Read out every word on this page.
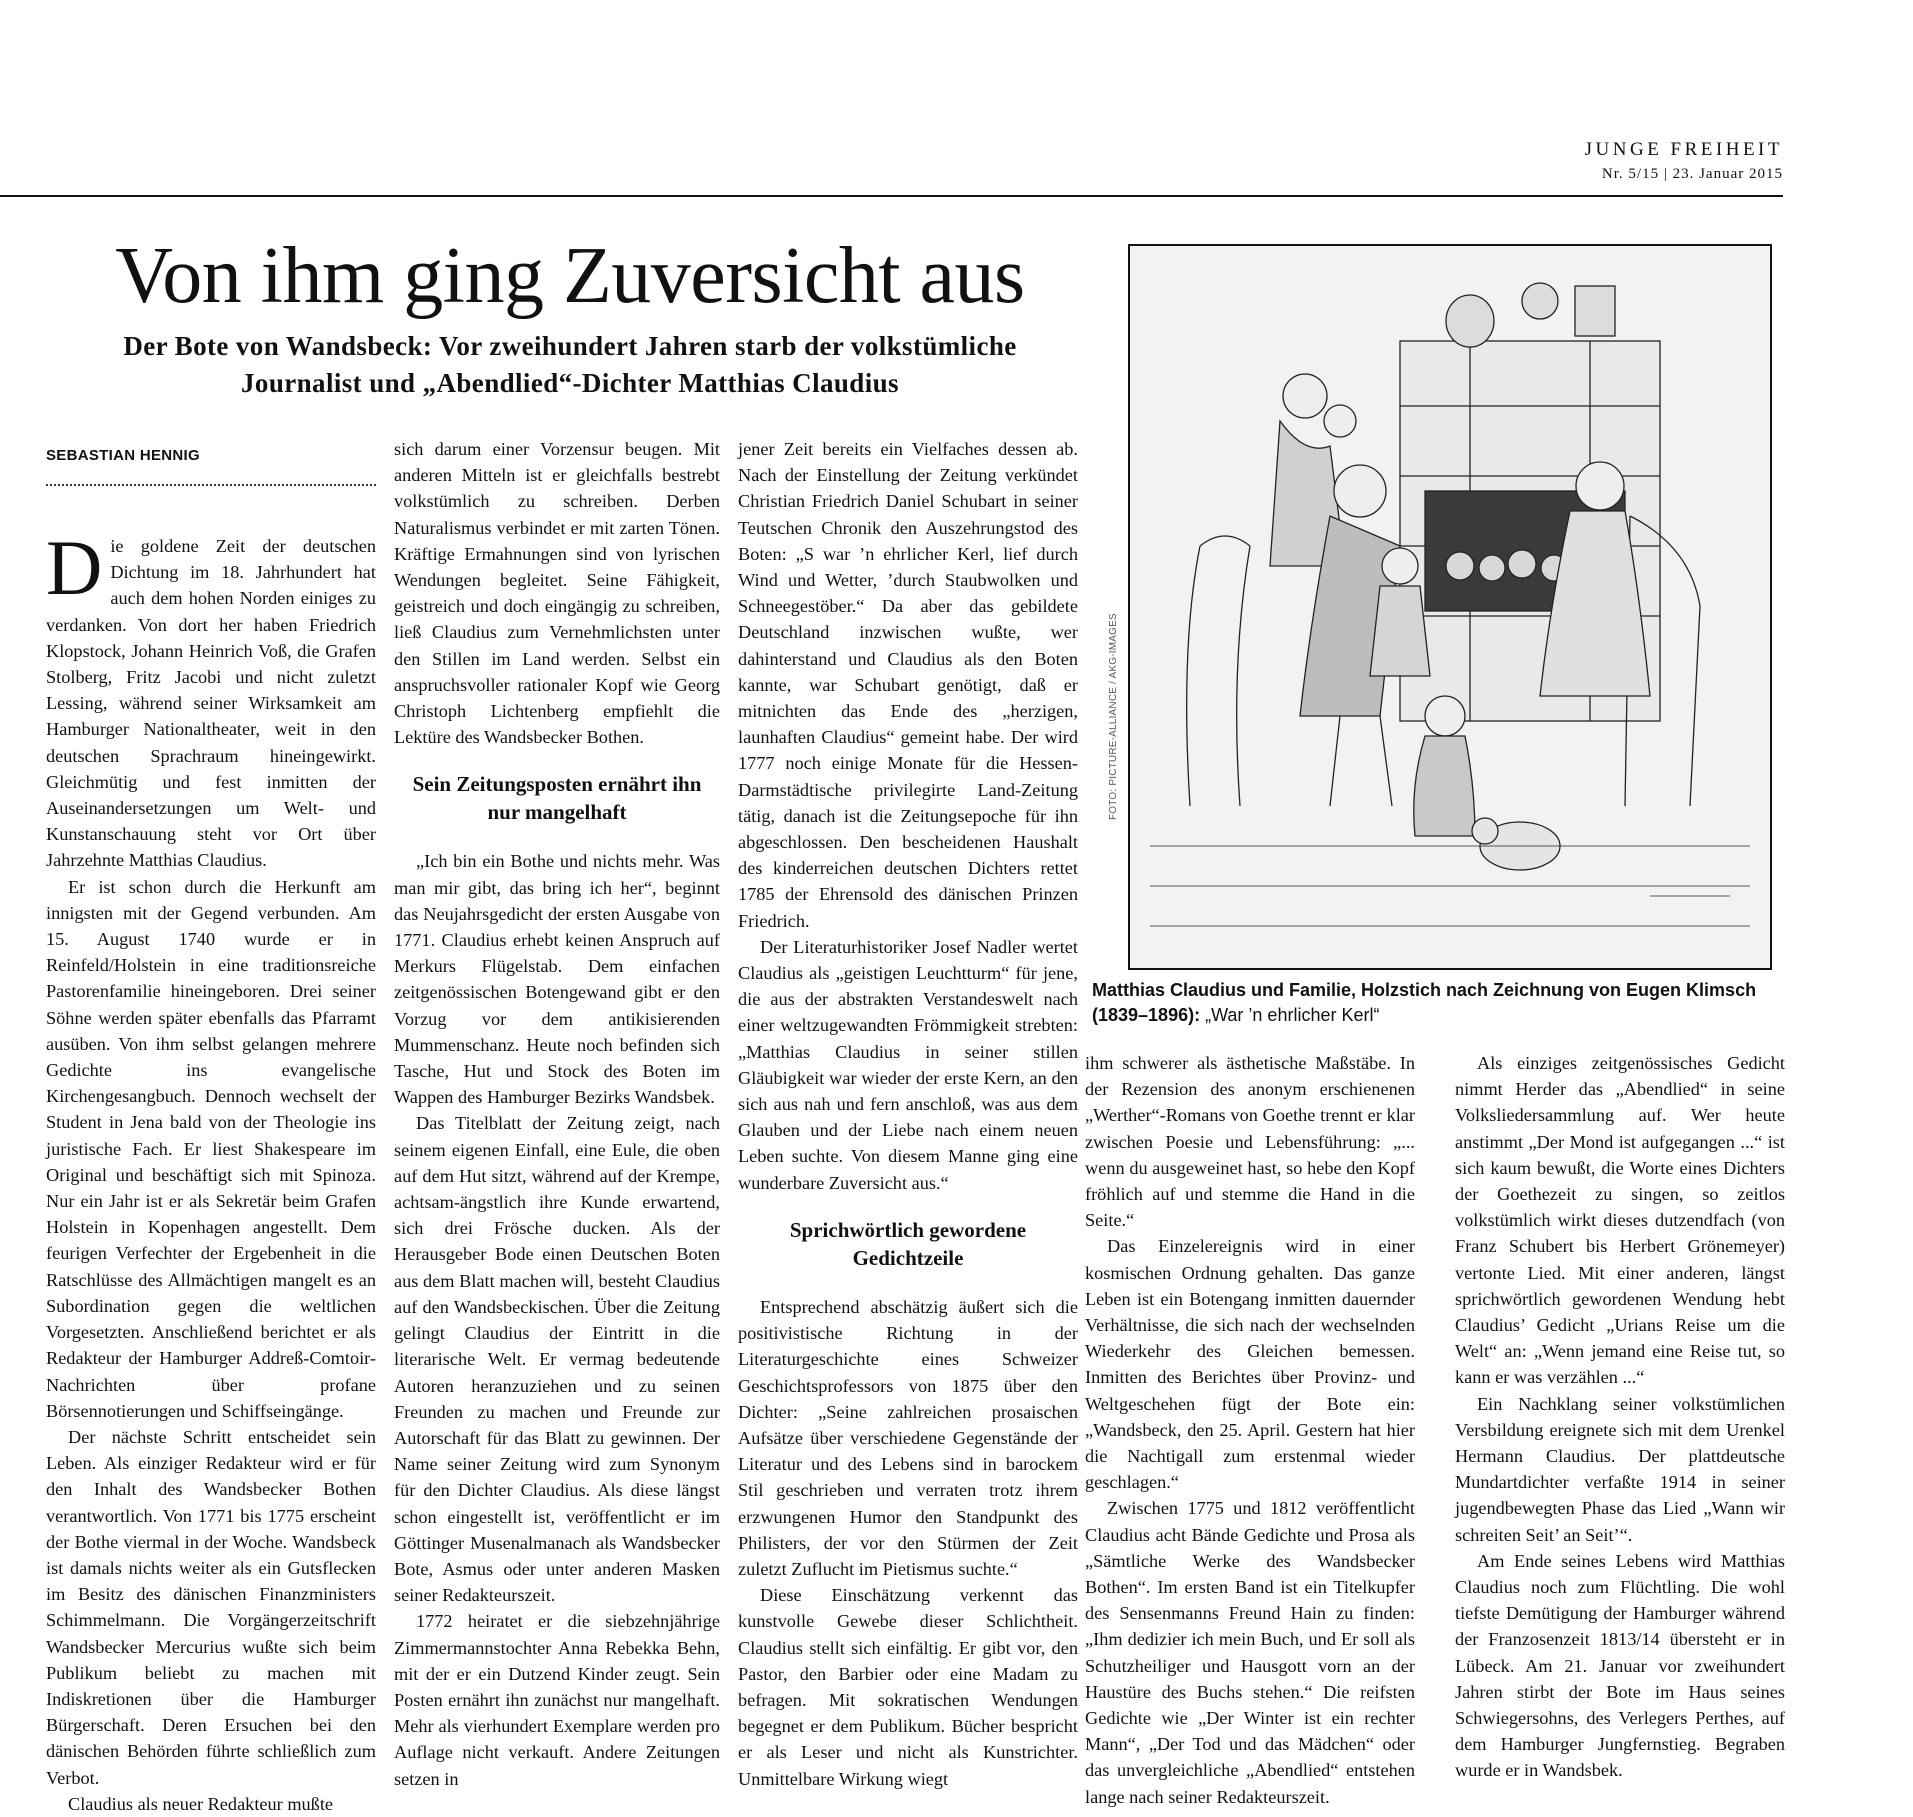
JUNGE FREIHEIT
Nr. 5/15 | 23. Januar 2015
Von ihm ging Zuversicht aus
Der Bote von Wandsbeck: Vor zweihundert Jahren starb der volkstümliche Journalist und „Abendlied“-Dichter Matthias Claudius
SEBASTIAN HENNIG

Die goldene Zeit der deutschen Dichtung im 18. Jahrhundert hat auch dem hohen Norden einiges zu verdanken. Von dort her haben Friedrich Klopstock, Johann Heinrich Voß, die Grafen Stolberg, Fritz Jacobi und nicht zuletzt Lessing, während seiner Wirksamkeit am Hamburger Nationaltheater, weit in den deutschen Sprachraum hineingewirkt. Gleichmütig und fest inmitten der Auseinandersetzungen um Welt- und Kunstanschauung steht vor Ort über Jahrzehnte Matthias Claudius.

Er ist schon durch die Herkunft am innigsten mit der Gegend verbunden. Am 15. August 1740 wurde er in Reinfeld/Holstein in eine traditionsreiche Pastorenfamilie hineingeboren. Drei seiner Söhne werden später ebenfalls das Pfarramt ausüben. Von ihm selbst gelangen mehrere Gedichte ins evangelische Kirchengesangbuch. Dennoch wechselt der Student in Jena bald von der Theologie ins juristische Fach. Er liest Shakespeare im Original und beschäftigt sich mit Spinoza. Nur ein Jahr ist er als Sekretär beim Grafen Holstein in Kopenhagen angestellt. Dem feurigen Verfechter der Ergebenheit in die Ratschlüsse des Allmächtigen mangelt es an Subordination gegen die weltlichen Vorgesetzten. Anschließend berichtet er als Redakteur der Hamburger Addreß-Comtoir-Nachrichten über profane Börsennotierungen und Schiffseingänge.

Der nächste Schritt entscheidet sein Leben. Als einziger Redakteur wird er für den Inhalt des Wandsbecker Bothen verantwortlich. Von 1771 bis 1775 erscheint der Bothe viermal in der Woche. Wandsbeck ist damals nichts weiter als ein Gutsflecken im Besitz des dänischen Finanzministers Schimmelmann. Die Vorgängerzeitschrift Wandsbecker Mercurius wußte sich beim Publikum beliebt zu machen mit Indiskretionen über die Hamburger Bürgerschaft. Deren Ersuchen bei den dänischen Behörden führte schließlich zum Verbot.

Claudius als neuer Redakteur mußte

sich darum einer Vorzensur beugen. Mit anderen Mitteln ist er gleichfalls bestrebt volkstümlich zu schreiben. Derben Naturalismus verbindet er mit zarten Tönen. Kräftige Ermahnungen sind von lyrischen Wendungen begleitet. Seine Fähigkeit, geistreich und doch eingängig zu schreiben, ließ Claudius zum Vernehmlichsten unter den Stillen im Land werden. Selbst ein anspruchsvoller rationaler Kopf wie Georg Christoph Lichtenberg empfiehlt die Lektüre des Wandsbecker Bothen.

Sein Zeitungsposten ernährt ihn nur mangelhaft

„Ich bin ein Bothe und nichts mehr. Was man mir gibt, das bring ich her“, beginnt das Neujahrsgedicht der ersten Ausgabe von 1771. Claudius erhebt keinen Anspruch auf Merkurs Flügelstab. Dem einfachen zeitgenössischen Botengewand gibt er den Vorzug vor dem antikisierenden Mummenschanz. Heute noch befinden sich Tasche, Hut und Stock des Boten im Wappen des Hamburger Bezirks Wandsbek.

Das Titelblatt der Zeitung zeigt, nach seinem eigenen Einfall, eine Eule, die oben auf dem Hut sitzt, während auf der Krempe, achtsam-ängstlich ihre Kunde erwartend, sich drei Frösche ducken. Als der Herausgeber Bode einen Deutschen Boten aus dem Blatt machen will, besteht Claudius auf den Wandsbeckischen. Über die Zeitung gelingt Claudius der Eintritt in die literarische Welt. Er vermag bedeutende Autoren heranzuziehen und zu seinen Freunden zu machen und Freunde zur Autorschaft für das Blatt zu gewinnen. Der Name seiner Zeitung wird zum Synonym für den Dichter Claudius. Als diese längst schon eingestellt ist, veröffentlicht er im Göttinger Musenalmanach als Wandsbecker Bote, Asmus oder unter anderen Masken seiner Redakteurszeit.

1772 heiratet er die siebzehnjährige Zimmermannstochter Anna Rebekka Behn, mit der er ein Dutzend Kinder zeugt. Sein Posten ernährt ihn zunächst nur mangelhaft. Mehr als vierhundert Exemplare werden pro Auflage nicht verkauft. Andere Zeitungen setzen in

jener Zeit bereits ein Vielfaches dessen ab. Nach der Einstellung der Zeitung verkündet Christian Friedrich Daniel Schubart in seiner Teutschen Chronik den Auszehrungstod des Boten: „S war ’n ehrlicher Kerl, lief durch Wind und Wetter, ’durch Staubwolken und Schneegestöber.“ Da aber das gebildete Deutschland inzwischen wußte, wer dahinterstand und Claudius als den Boten kannte, war Schubart genötigt, daß er mitnichten das Ende des „herzigen, launhaften Claudius“ gemeint habe. Der wird 1777 noch einige Monate für die Hessen-Darmstädtische privilegirte Land-Zeitung tätig, danach ist die Zeitungsepoche für ihn abgeschlossen. Den bescheidenen Haushalt des kinderreichen deutschen Dichters rettet 1785 der Ehrensold des dänischen Prinzen Friedrich.

Der Literaturhistoriker Josef Nadler wertet Claudius als „geistigen Leuchtturm“ für jene, die aus der abstrakten Verstandeswelt nach einer weltzugewandten Frömmigkeit strebten: „Matthias Claudius in seiner stillen Gläubigkeit war wieder der erste Kern, an den sich aus nah und fern anschloß, was aus dem Glauben und der Liebe nach einem neuen Leben suchte. Von diesem Manne ging eine wunderbare Zuversicht aus.“

Sprichwörtlich gewordene Gedichtzeile

Entsprechend abschätzig äußert sich die positivistische Richtung in der Literaturgeschichte eines Schweizer Geschichtsprofessors von 1875 über den Dichter: „Seine zahlreichen prosaischen Aufsätze über verschiedene Gegenstände der Literatur und des Lebens sind in barockem Stil geschrieben und verraten trotz ihrem erzwungenen Humor den Standpunkt des Philisters, der vor den Stürmen der Zeit zuletzt Zuflucht im Pietismus suchte.“

Diese Einschätzung verkennt das kunstvolle Gewebe dieser Schlichtheit. Claudius stellt sich einfältig. Er gibt vor, den Pastor, den Barbier oder eine Madam zu befragen. Mit sokratischen Wendungen begegnet er dem Publikum. Bücher bespricht er als Leser und nicht als Kunstrichter. Unmittelbare Wirkung wiegt

ihm schwerer als ästhetische Maßstäbe. In der Rezension des anonym erschienenen „Werther“-Romans von Goethe trennt er klar zwischen Poesie und Lebensführung: „... wenn du ausgeweinet hast, so hebe den Kopf fröhlich auf und stemme die Hand in die Seite.“

Das Einzelereignis wird in einer kosmischen Ordnung gehalten. Das ganze Leben ist ein Botengang inmitten dauernder Verhältnisse, die sich nach der wechselnden Wiederkehr des Gleichen bemessen. Inmitten des Berichtes über Provinz- und Weltgeschehen fügt der Bote ein: „Wandsbeck, den 25. April. Gestern hat hier die Nachtigall zum erstenmal wieder geschlagen.“

Zwischen 1775 und 1812 veröffentlicht Claudius acht Bände Gedichte und Prosa als „Sämtliche Werke des Wandsbecker Bothen“. Im ersten Band ist ein Titelkupfer des Sensenmanns Freund Hain zu finden: „Ihm dedizier ich mein Buch, und Er soll als Schutzheiliger und Hausgott vorn an der Haustüre des Buchs stehen.“ Die reifsten Gedichte wie „Der Winter ist ein rechter Mann“, „Der Tod und das Mädchen“ oder das unvergleichliche „Abendlied“ entstehen lange nach seiner Redakteurszeit.

Als einziges zeitgenössisches Gedicht nimmt Herder das „Abendlied“ in seine Volksliedersammlung auf. Wer heute anstimmt „Der Mond ist aufgegangen ...“ ist sich kaum bewußt, die Worte eines Dichters der Goethezeit zu singen, so zeitlos volkstümlich wirkt dieses dutzendfach (von Franz Schubert bis Herbert Grönemeyer) vertonte Lied. Mit einer anderen, längst sprichwörtlich gewordenen Wendung hebt Claudius’ Gedicht „Urians Reise um die Welt“ an: „Wenn jemand eine Reise tut, so kann er was verzählen ...“

Ein Nachklang seiner volkstümlichen Versbildung ereignete sich mit dem Urenkel Hermann Claudius. Der plattdeutsche Mundartdichter verfaßte 1914 in seiner jugendbewegten Phase das Lied „Wann wir schreiten Seit’ an Seit’“.

Am Ende seines Lebens wird Matthias Claudius noch zum Flüchtling. Die wohl tiefste Demütigung der Hamburger während der Franzosenzeit 1813/14 übersteht er in Lübeck. Am 21. Januar vor zweihundert Jahren stirbt der Bote im Haus seines Schwiegersohns, des Verlegers Perthes, auf dem Hamburger Jungfernstieg. Begraben wurde er in Wandsbek.

FOTO: PICTURE-ALLIANCE / AKG-IMAGES
Matthias Claudius und Familie, Holzstich nach Zeichnung von Eugen Klimsch (1839–1896): „War ’n ehrlicher Kerl“
